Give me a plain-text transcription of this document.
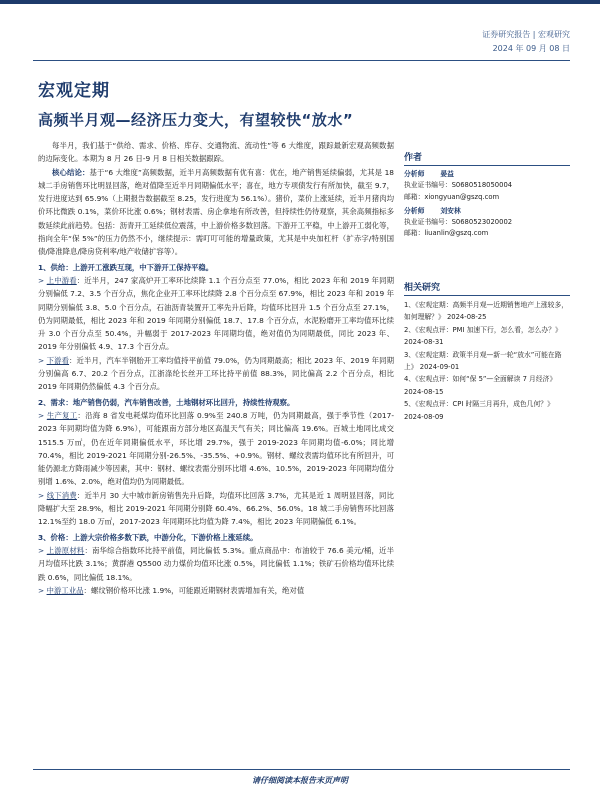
证券研究报告 | 宏观研究
2024 年 09 月 08 日
宏观定期
高频半月观—经济压力变大，有望较快“放水”

每半月，我们基于“供给、需求、价格、库存、交通物流、流动性”等 6 大维度，跟踪最新宏观高频数据的边际变化。本期为 8 月 26 日-9 月 8 日相关数据跟踪。

核心结论：基于“6 大维度”高频数据，近半月高频数据有优有喜：优在，地产销售延续偏弱，尤其是 18 城二手房销售环比明显回落，绝对值降至近半月同期偏低水平；喜在，地方专项债发行有所加快，截至 9.7，发行进度达到 65.9%（上期报告数据截至 8.25，发行进度为 56.1%）。猪价，菜价上涨延续，近半月猪肉均价环比微跌 0.1%，菜价环比涨 0.6%；钢材表需、房企拿地有所改善，但持续性仍待观察，其余高频指标多数延续此前趋势。包括：沥青开工延续低位震荡，中上游价格多数回落。下游开工平稳，中上游开工弱化等，指向全年“保 5%”的压力仍然不小，继续提示：需叮叮可能的增量政策，尤其是中央加杠杆（扩赤字/特别国债/降准降息/降房贷利率/地产收储扩容等）。

1、供给：上游开工涨跌互现，中下游开工保持平稳。

> 上中游看：近半月，247 家高炉开工率环比续降 1.1 个百分点至 77.0%，相比 2023 年和 2019 年同期分别偏低 7.2、3.5 个百分点，焦化企业开工率环比续降 2.8 个百分点至 67.9%，相比 2023 年和 2019 年同期分别偏低 3.8、5.0 个百分点，石油沥青装置开工率先升后降，均值环比回升 1.5 个百分点至 27.1%，仍为同期最低，相比 2023 年和 2019 年同期分别偏低 18.7、17.8 个百分点，水泥粉磨开工率均值环比续升 3.0 个百分点至 50.4%，升幅弱于 2017-2023 年同期均值，绝对值仍为同期最低，同比 2023 年、2019 年分别偏低 4.9、17.3 个百分点。

> 下游看：近半月，汽车半钢胎开工率均值持平前值 79.0%，仍为同期最高；相比 2023 年、2019 年同期分别偏高 6.7、20.2 个百分点，江浙涤纶长丝开工环比持平前值 88.3%，同比偏高 2.2 个百分点，相比 2019 年同期仍然偏低 4.3 个百分点。

2、需求：地产销售仍弱，汽车销售改善，土地钢材环比回升，持续性待观察。

> 生产复工：沿海 8 省发电耗煤均值环比回落 0.9%至 240.8 万吨，仍为同期最高，强于季节性（2017-2023 年同期均值为降 6.9%），可能跟南方部分地区高温天气有关；同比偏高 19.6%。百城土地同比成交 1515.5 万㎡，仍在近年同期偏低水平，环比增 29.7%，强于 2019-2023 年同期均值-6.0%；同比增 70.4%，相比 2019-2021 年同期分别-26.5%、-35.5%、+0.9%。钢材、螺纹表需均值环比有所回升，可能仍源北方降雨减少等因素，其中：钢材、螺纹表需分别环比增 4.6%、10.5%，2019-2023 年同期均值分别增 1.6%、2.0%，绝对值均仍为同期最低。

> 线下消费：近半月 30 大中城市新房销售先升后降，均值环比回落 3.7%，尤其是近 1 周明显回落，同比降幅扩大至 28.9%，相比 2019-2021 年同期分别降 60.4%、66.2%、56.0%。18 城二手房销售环比回落 12.1%至约 18.0 万㎡，2017-2023 年同期环比均值为降 7.4%，相比 2023 年同期偏低 6.1%。

3、价格：上游大宗价格多数下跌，中游分化，下游价格上涨延续。

> 上游原材料：南华综合指数环比持平前值，同比偏低 5.3%。重点商品中：布油较于 76.6 美元/桶，近半月均值环比跌 3.1%；黄群港 Q5500 动力煤价均值环比涨 0.5%，同比偏低 1.1%；铁矿石价格均值环比续跌 0.6%，同比偏低 18.1%。

> 中游工业品：螺纹钢价格环比涨 1.9%，可能跟近期钢材表需增加有关，绝对值

作者
分析师 晏益
执业证书编号：S0680518050004
邮箱：xiongyuan@gszq.com
分析师 刘安林
执业证书编号：S0680523020002
邮箱：liuanlin@gszq.com
相关研究
1、《宏观定期：高频半月观—近期销售地产上涨较多，如何理解？》 2024-08-25
2、《宏观点评：PMI 加速下行，怎么看，怎么办？》2024-08-31
3、《宏观定期：政策半月观—新一轮“放水”可能在路上》 2024-09-01
4、《宏观点评：如何“保 5”—全面解读 7 月经济》2024-08-15
5、《宏观点评：CPI 时隔三月再升，成色几何？》2024-08-09
请仔细阅读本报告末页声明
